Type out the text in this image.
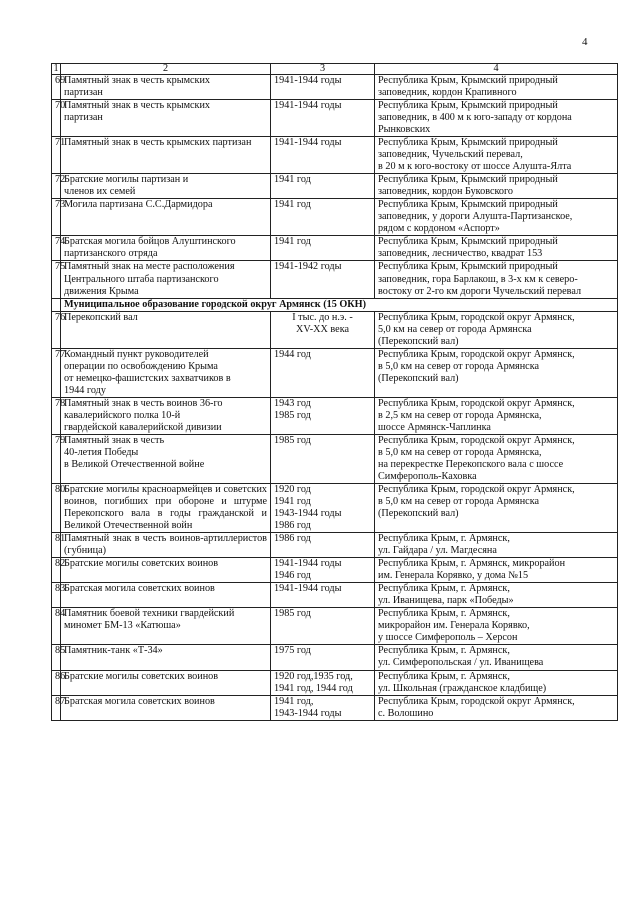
4
1	2	3	4
69	Памятный знак в честь крымских
партизан	1941-1944 годы	Республика Крым, Крымский природный
заповедник, кордон Крапивного

70	Памятный знак в честь крымских
партизан	1941-1944 годы	Республика Крым, Крымский природный
заповедник, в 400 м к юго-западу от кордона
Рынковских

71	Памятный знак в честь крымских партизан	1941-1944 годы	Республика Крым, Крымский природный
заповедник, Чучельский перевал,
в 20 м к юго-востоку от шоссе Алушта-Ялта

72	Братские могилы партизан и
членов их семей	1941 год	Республика Крым, Крымский природный
заповедник, кордон Буковского

73	Могила партизана С.С.Дармидора	1941 год	Республика Крым, Крымский природный
заповедник, у дороги Алушта-Партизанское,
рядом с кордоном «Аспорт»

74	Братская могила бойцов Алуштинского
партизанского отряда	1941 год	Республика Крым, Крымский природный
заповедник, лесничество, квадрат 153

75	Памятный знак на месте расположения
Центрального штаба партизанского
движения Крыма	1941-1942 годы	Республика Крым, Крымский природный
заповедник, гора Барлакош, в 3-х км к северо-
востоку от 2-го км дороги Чучельский перевал

	Муниципальное образование городской округ Армянск (15 ОКН)		
76	Перекопский вал	I тыс. до н.э. -
XV-XX века	Республика Крым, городской округ Армянск,
5,0 км на север от города Армянска
(Перекопский вал)

77	Командный пункт руководителей
операции по освобождению Крыма
от немецко-фашистских захватчиков в
1944 году	1944 год	Республика Крым, городской округ Армянск,
в 5,0 км на север от города Армянска
(Перекопский вал)

78	Памятный знак в честь воинов 36-го
кавалерийского полка 10-й
гвардейской кавалерийской дивизии	1943 год
1985 год	Республика Крым, городской округ Армянск,
в 2,5 км на север от города Армянска,
шоссе Армянск-Чаплинка

79	Памятный знак в честь
40-летия Победы
в Великой Отечественной войне	1985 год	Республика Крым, городской округ Армянск,
в 5,0 км на север от города Армянска,
на перекрестке Перекопского вала с шоссе
Симферополь-Каховка

80	Братские могилы красноармейцев и советских воинов, погибших при обороне и штурме Перекопского вала в годы гражданской и Великой Отечественной войн	1920 год
1941 год
1943-1944 годы
1986 год	Республика Крым, городской округ Армянск,
в 5,0 км на север от города Армянска
(Перекопский вал)

81	Памятный знак в честь воинов-артиллеристов (губница)	1986 год	Республика Крым, г. Армянск,
ул. Гайдара / ул. Магдесяна

82	Братские могилы советских воинов	1941-1944 годы
1946 год	Республика Крым, г. Армянск, микрорайон
им. Генерала Корявко, у дома №15

83	Братская могила советских воинов	1941-1944 годы	Республика Крым, г. Армянск,
ул. Иванищева, парк «Победы»

84	Памятник боевой техники гвардейский
миномет БМ-13 «Катюша»	1985 год	Республика Крым, г. Армянск,
микрорайон им. Генерала Корявко,
у шоссе Симферополь – Херсон

85	Памятник-танк «Т-34»	1975 год	Республика Крым, г. Армянск,
ул. Симферопольская / ул. Иванищева

86	Братские могилы советских воинов	1920 год,1935 год,
1941 год, 1944 год	Республика Крым, г. Армянск,
ул. Школьная (гражданское кладбище)

87	Братская могила советских воинов	1941 год,
1943-1944 годы	Республика Крым, городской округ Армянск,
с. Волошино
